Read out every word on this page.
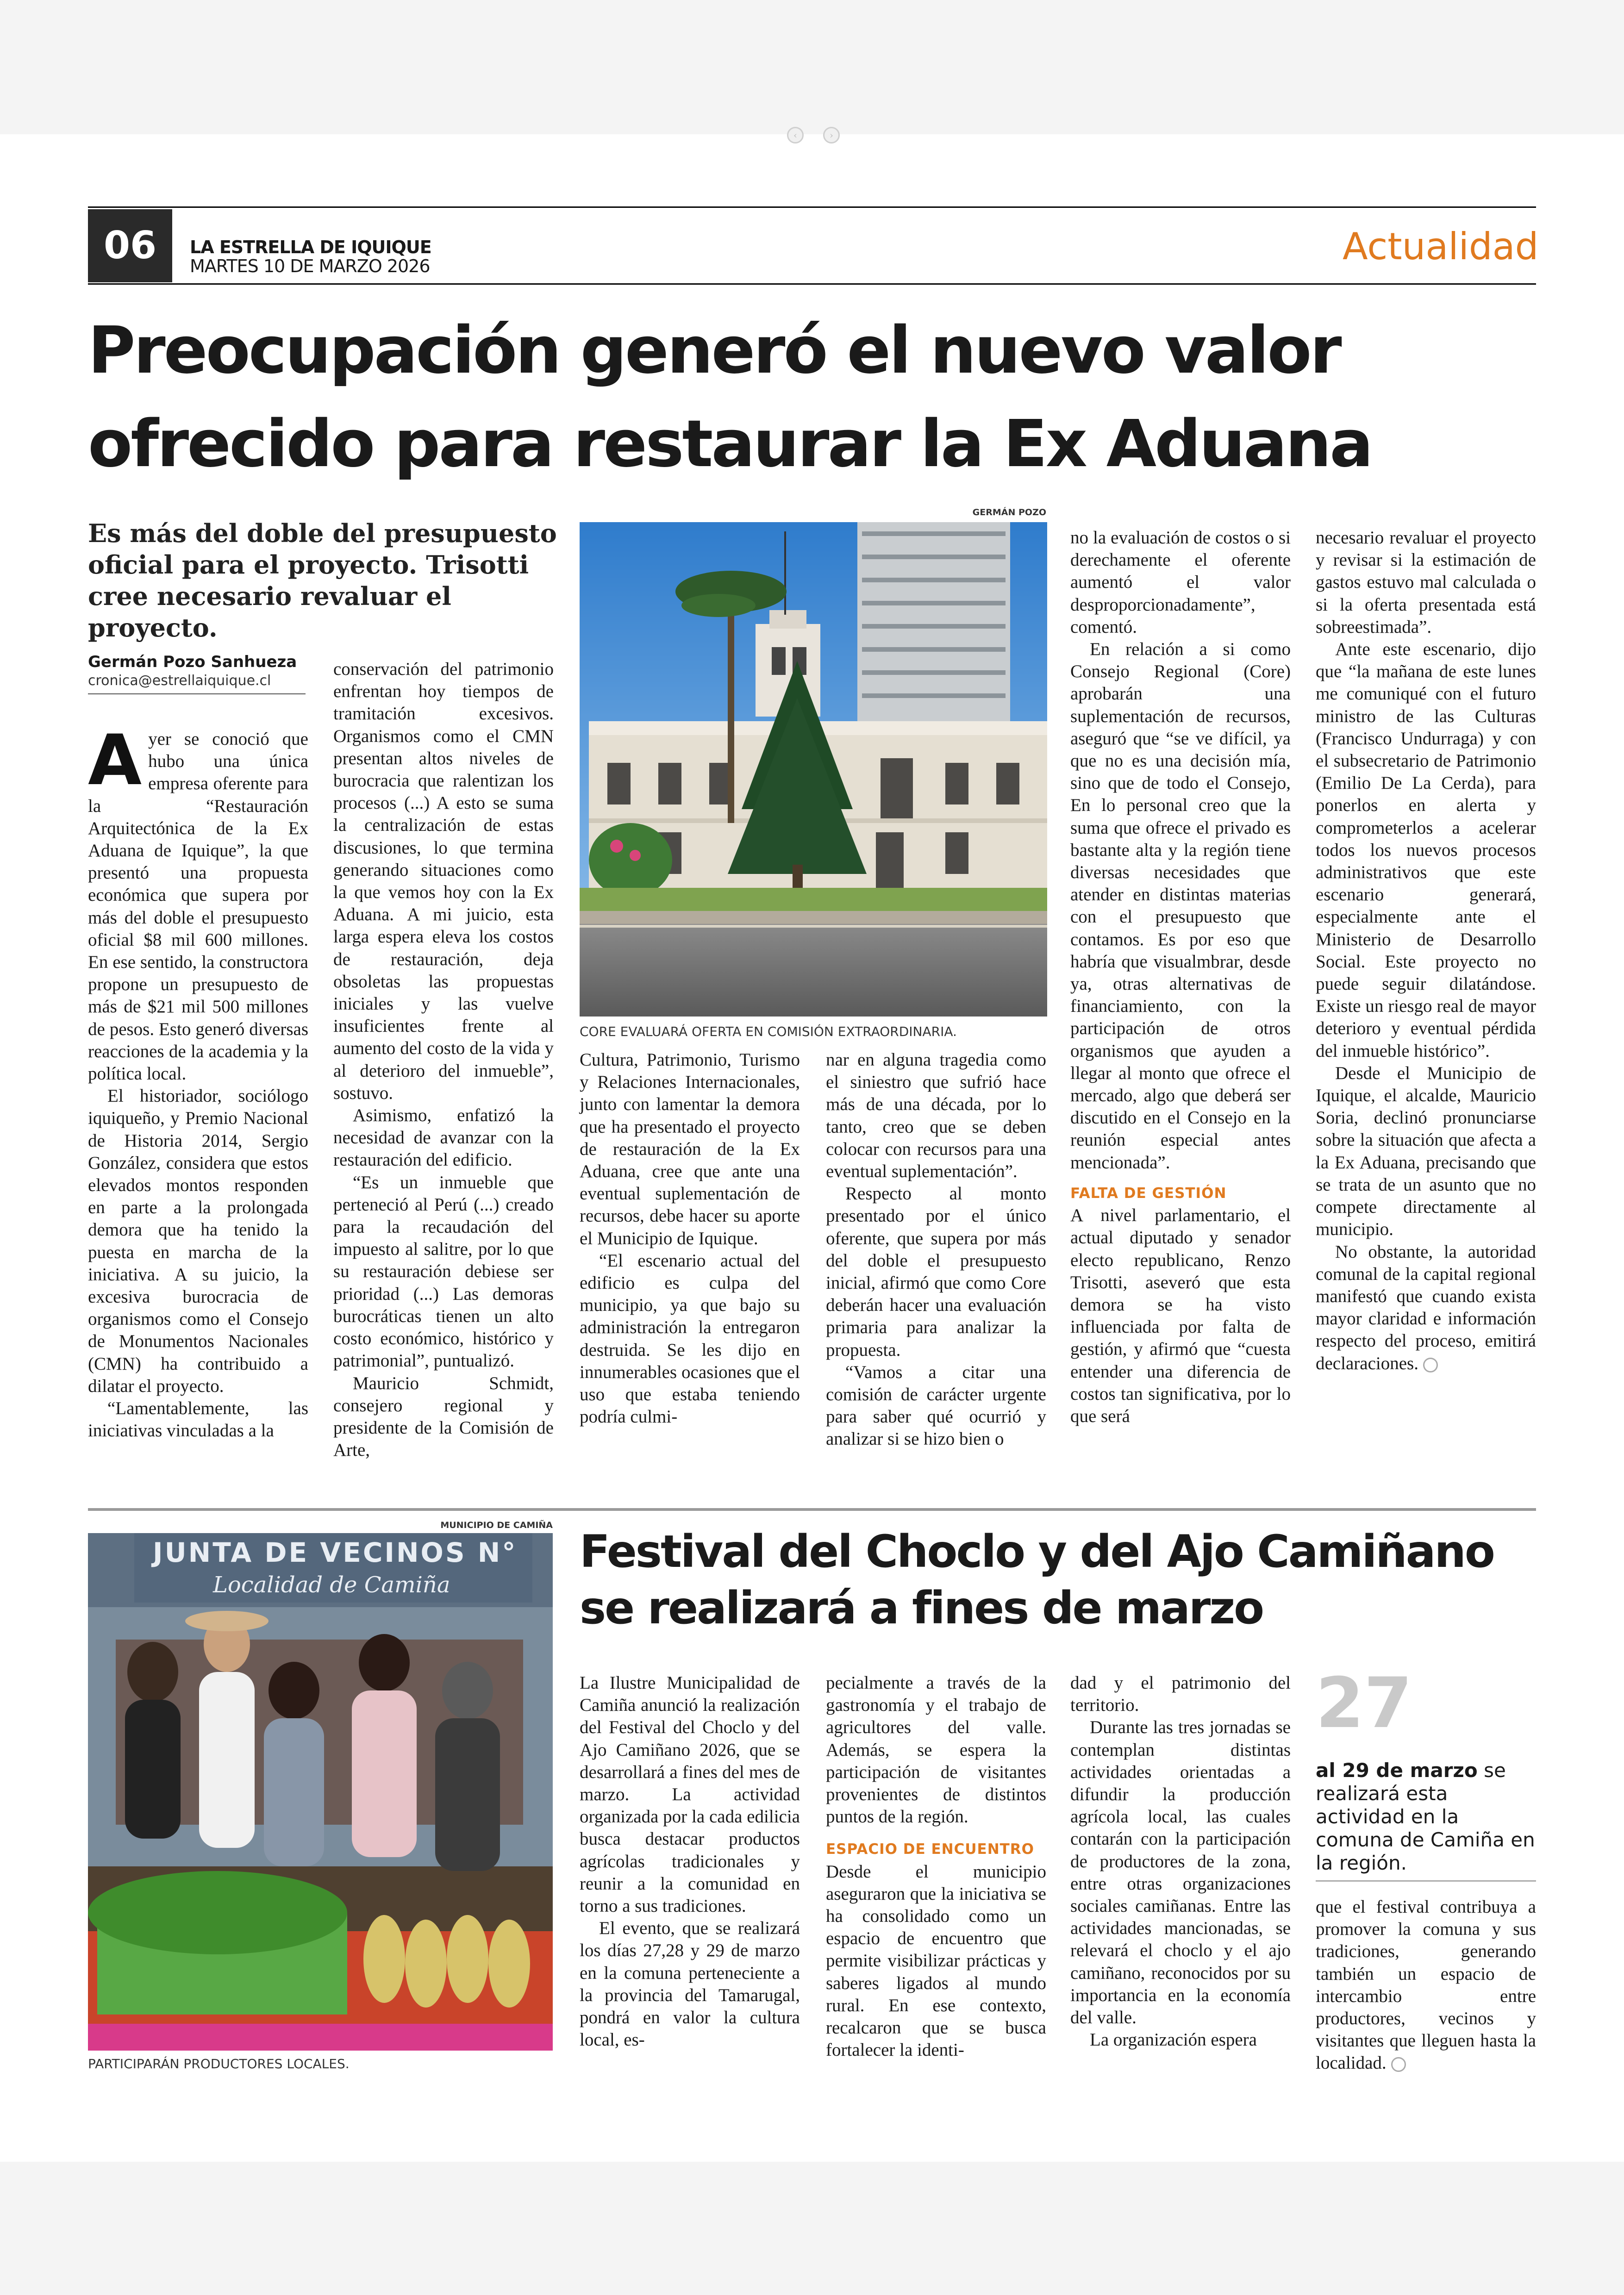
‹	›
06	LA ESTRELLA DE IQUIQUE
MARTES 10 DE MARZO 2026	Actualidad
Preocupación generó el nuevo valor
ofrecido para restaurar la Ex Aduana
Es más del doble del presupuesto oficial para el proyecto. Trisotti cree necesario revaluar el proyecto.
Germán Pozo Sanhueza
cronica@estrellaiquique.cl
GERMÁN POZO
CORE EVALUARÁ OFERTA EN COMISIÓN EXTRAORDINARIA.
A yer se conoció que hubo una única empresa oferente para la “Restauración Arquitectónica de la Ex Aduana de Iquique”, la que presentó una propuesta económica que supera por más del doble el presupuesto oficial $8 mil 600 millones. En ese sentido, la constructora propone un presupuesto de más de $21 mil 500 millones de pesos. Esto generó diversas reacciones de la academia y la política local.

El historiador, sociólogo iquiqueño, y Premio Nacional de Historia 2014, Sergio González, considera que estos elevados montos responden en parte a la prolongada demora que ha tenido la puesta en marcha de la iniciativa. A su juicio, la excesiva burocracia de organismos como el Consejo de Monumentos Nacionales (CMN) ha contribuido a dilatar el proyecto.

“Lamentablemente, las iniciativas vinculadas a la

conservación del patrimonio enfrentan hoy tiempos de tramitación excesivos. Organismos como el CMN presentan altos niveles de burocracia que ralentizan los procesos (...) A esto se suma la centralización de estas discusiones, lo que termina generando situaciones como la que vemos hoy con la Ex Aduana. A mi juicio, esta larga espera eleva los costos de restauración, deja obsoletas las propuestas iniciales y las vuelve insuficientes frente al aumento del costo de la vida y al deterioro del inmueble”, sostuvo.

Asimismo, enfatizó la necesidad de avanzar con la restauración del edificio.

“Es un inmueble que perteneció al Perú (...) creado para la recaudación del impuesto al salitre, por lo que su restauración debiese ser prioridad (...) Las demoras burocráticas tienen un alto costo económico, histórico y patrimonial”, puntualizó.

Mauricio Schmidt, consejero regional y presidente de la Comisión de Arte,

Cultura, Patrimonio, Turismo y Relaciones Internacionales, junto con lamentar la demora que ha presentado el proyecto de restauración de la Ex Aduana, cree que ante una eventual suplementación de recursos, debe hacer su aporte el Municipio de Iquique.

“El escenario actual del edificio es culpa del municipio, ya que bajo su administración la entregaron destruida. Se les dijo en innumerables ocasiones que el uso que estaba teniendo podría culmi-

nar en alguna tragedia como el siniestro que sufrió hace más de una década, por lo tanto, creo que se deben colocar con recursos para una eventual suplementación”.

Respecto al monto presentado por el único oferente, que supera por más del doble el presupuesto inicial, afirmó que como Core deberán hacer una evaluación primaria para analizar la propuesta.

“Vamos a citar una comisión de carácter urgente para saber qué ocurrió y analizar si se hizo bien o

no la evaluación de costos o si derechamente el oferente aumentó el valor desproporcionadamente”, comentó.

En relación a si como Consejo Regional (Core) aprobarán una suplementación de recursos, aseguró que “se ve difícil, ya que no es una decisión mía, sino que de todo el Consejo, En lo personal creo que la suma que ofrece el privado es bastante alta y la región tiene diversas necesidades que atender en distintas materias con el presupuesto que contamos. Es por eso que habría que visualmbrar, desde ya, otras alternativas de financiamiento, con la participación de otros organismos que ayuden a llegar al monto que ofrece el mercado, algo que deberá ser discutido en el Consejo en la reunión especial antes mencionada”.

FALTA DE GESTIÓN

A nivel parlamentario, el actual diputado y senador electo republicano, Renzo Trisotti, aseveró que esta demora se ha visto influenciada por falta de gestión, y afirmó que “cuesta entender una diferencia de costos tan significativa, por lo que será

necesario revaluar el proyecto y revisar si la estimación de gastos estuvo mal calculada o si la oferta presentada está sobreestimada”.

Ante este escenario, dijo que “la mañana de este lunes me comuniqué con el futuro ministro de las Culturas (Francisco Undurraga) y con el subsecretario de Patrimonio (Emilio De La Cerda), para ponerlos en alerta y comprometerlos a acelerar todos los nuevos procesos administrativos que este escenario generará, especialmente ante el Ministerio de Desarrollo Social. Este proyecto no puede seguir dilatándose. Existe un riesgo real de mayor deterioro y eventual pérdida del inmueble histórico”.

Desde el Municipio de Iquique, el alcalde, Mauricio Soria, declinó pronunciarse sobre la situación que afecta a la Ex Aduana, precisando que se trata de un asunto que no compete directamente al municipio.

No obstante, la autoridad comunal de la capital regional manifestó que cuando exista mayor claridad e información respecto del proceso, emitirá declaraciones.

MUNICIPIO DE CAMIÑA
JUNTA DE VECINOS N°
Localidad de Camiña
PARTICIPARÁN PRODUCTORES LOCALES.
Festival del Choclo y del Ajo Camiñano
se realizará a fines de marzo

La Ilustre Municipalidad de Camiña anunció la realización del Festival del Choclo y del Ajo Camiñano 2026, que se desarrollará a fines del mes de marzo. La actividad organizada por la cada edilicia busca destacar productos agrícolas tradicionales y reunir a la comunidad en torno a sus tradiciones.

El evento, que se realizará los días 27,28 y 29 de marzo en la comuna perteneciente a la provincia del Tamarugal, pondrá en valor la cultura local, es-

pecialmente a través de la gastronomía y el trabajo de agricultores del valle. Además, se espera la participación de visitantes provenientes de distintos puntos de la región.

ESPACIO DE ENCUENTRO

Desde el municipio aseguraron que la iniciativa se ha consolidado como un espacio de encuentro que permite visibilizar prácticas y saberes ligados al mundo rural. En ese contexto, recalcaron que se busca fortalecer la identi-

dad y el patrimonio del territorio.

Durante las tres jornadas se contemplan distintas actividades orientadas a difundir la producción agrícola local, las cuales contarán con la participación de productores de la zona, entre otras organizaciones sociales camiñanas. Entre las actividades mancionadas, se relevará el choclo y el ajo camiñano, reconocidos por su importancia en la economía del valle.

La organización espera

27
al 29 de marzo se realizará esta actividad en la comuna de Camiña en la región.

que el festival contribuya a promover la comuna y sus tradiciones, generando también un espacio de intercambio entre productores, vecinos y visitantes que lleguen hasta la localidad.
